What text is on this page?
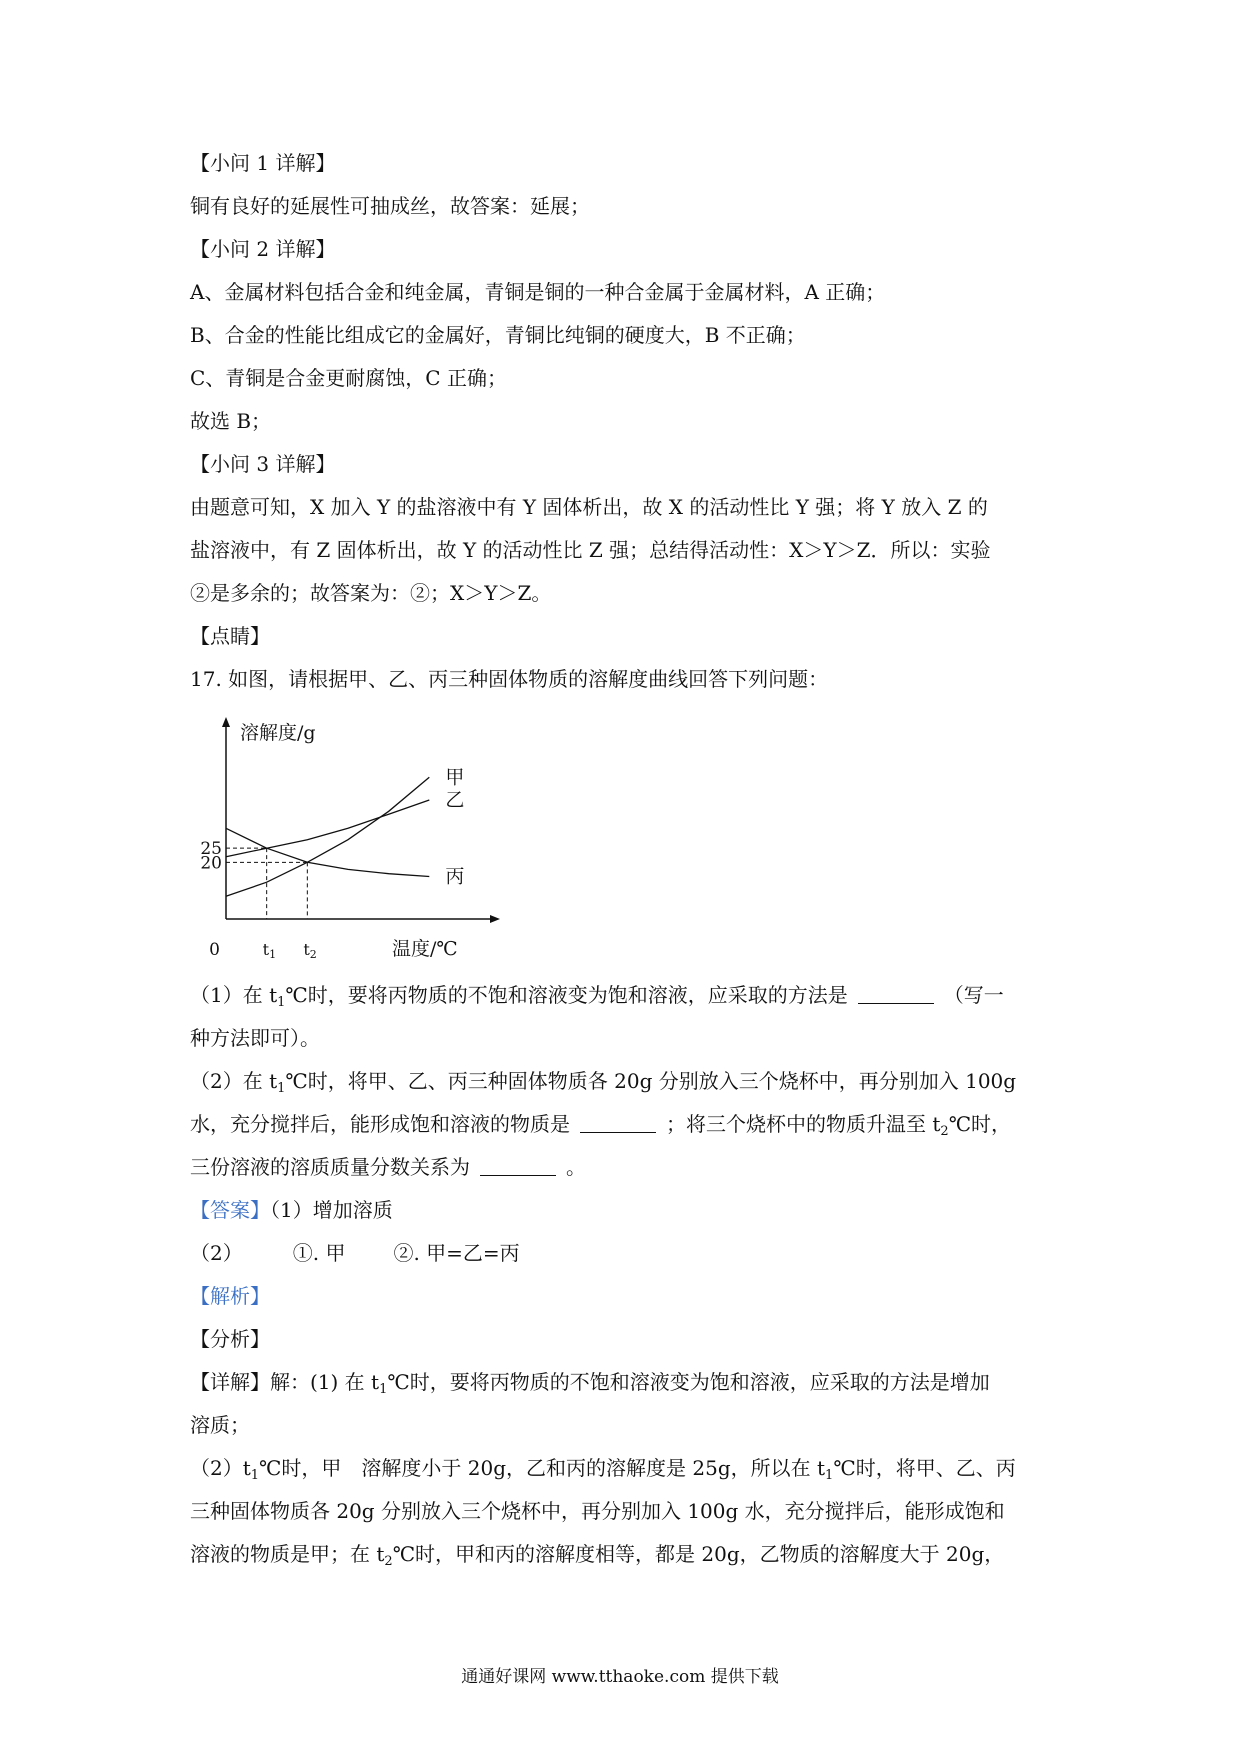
【小问 1 详解】
铜有良好的延展性可抽成丝，故答案：延展；
【小问 2 详解】
A、金属材料包括合金和纯金属，青铜是铜的一种合金属于金属材料，A 正确；
B、合金的性能比组成它的金属好，青铜比纯铜的硬度大，B 不正确；
C、青铜是合金更耐腐蚀，C 正确；
故选 B；
【小问 3 详解】
由题意可知，X 加入 Y 的盐溶液中有 Y 固体析出，故 X 的活动性比 Y 强；将 Y 放入 Z 的
盐溶液中，有 Z 固体析出，故 Y 的活动性比 Z 强；总结得活动性：X＞Y＞Z．所以：实验
②是多余的；故答案为：②；X＞Y＞Z。
【点睛】
17. 如图，请根据甲、乙、丙三种固体物质的溶解度曲线回答下列问题：
溶解度/g
温度/℃
0
20
25
甲
乙
丙
t1 t2
（1）在 $t_1℃$时，要将丙物质的不饱和溶液变为饱和溶液，应采取的方法是	（写一
种方法即可）。
（2）在 $t_1℃$时，将甲、乙、丙三种固体物质各 20g 分别放入三个烧杯中，再分别加入 100g
水，充分搅拌后，能形成饱和溶液的物质是	；将三个烧杯中的物质升温至 $t_2℃$时，
三份溶液的溶质质量分数关系为	。
【答案】（1）增加溶质
（2）	①. 甲 ②. 甲=乙=丙
【解析】
【分析】
【详解】解：(1) 在 $t_1℃$时，要将丙物质的不饱和溶液变为饱和溶液，应采取的方法是增加
溶质；
$(2)t_1℃$时，甲　溶解度小于 20g，乙和丙的溶解度是 25g，所以在 $t_1℃$时，将甲、乙、丙
三种固体物质各 20g 分别放入三个烧杯中，再分别加入 100g 水，充分搅拌后，能形成饱和
溶液的物质是甲；在 $t_2℃$时，甲和丙的溶解度相等，都是 20g，乙物质的溶解度大于 20g，
通通好课网 www.tthaoke.com 提供下载
